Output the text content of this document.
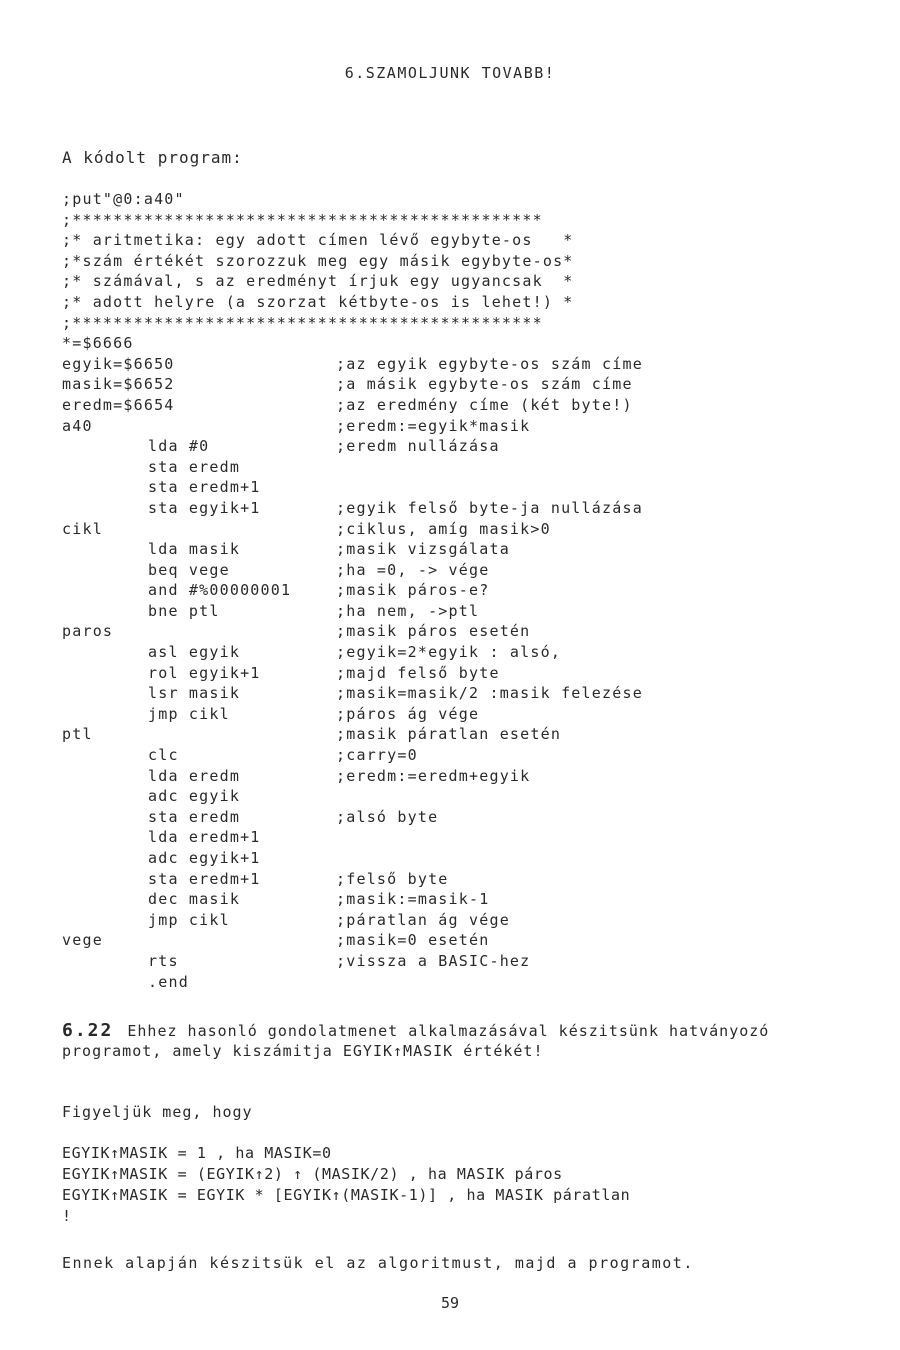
6.SZAMOLJUNK TOVABB!
A kódolt program:
;put"@0:a40"
;**********************************************
;* aritmetika: egy adott címen lévő egybyte-os   *
;*szám értékét szorozzuk meg egy másik egybyte-os*
;* számával, s az eredményt írjuk egy ugyancsak  *
;* adott helyre (a szorzat kétbyte-os is lehet!) *
;**********************************************
*=$6666
egyik=$6650	;az egyik egybyte-os szám címe
masik=$6652	;a másik egybyte-os szám címe
eredm=$6654	;az eredmény címe (két byte!)
a40	;eredm:=egyik*masik
lda #0	;eredm nullázása
sta eredm
sta eredm+1
sta egyik+1	;egyik felső byte-ja nullázása
cikl	;ciklus, amíg masik>0
lda masik	;masik vizsgálata
beq vege	;ha =0, -> vége
and #%00000001	;masik páros-e?
bne ptl	;ha nem, ->ptl
paros	;masik páros esetén
asl egyik	;egyik=2*egyik : alsó,
rol egyik+1	;majd felső byte
lsr masik	;masik=masik/2 :masik felezése
jmp cikl	;páros ág vége
ptl	;masik páratlan esetén
clc	;carry=0
lda eredm	;eredm:=eredm+egyik
adc egyik
sta eredm	;alsó byte
lda eredm+1
adc egyik+1
sta eredm+1	;felső byte
dec masik	;masik:=masik-1
jmp cikl	;páratlan ág vége
vege	;masik=0 esetén
rts	;vissza a BASIC-hez
.end
6.22 Ehhez hasonló gondolatmenet alkalmazásával készitsünk hatványozó programot, amely kiszámitja EGYIK↑MASIK értékét!
Figyeljük meg, hogy
EGYIK↑MASIK = 1 , ha MASIK=0
EGYIK↑MASIK = (EGYIK↑2) ↑ (MASIK/2) , ha MASIK páros
EGYIK↑MASIK = EGYIK * [EGYIK↑(MASIK-1)] , ha MASIK páratlan
!
Ennek alapján készitsük el az algoritmust, majd a programot.
59
